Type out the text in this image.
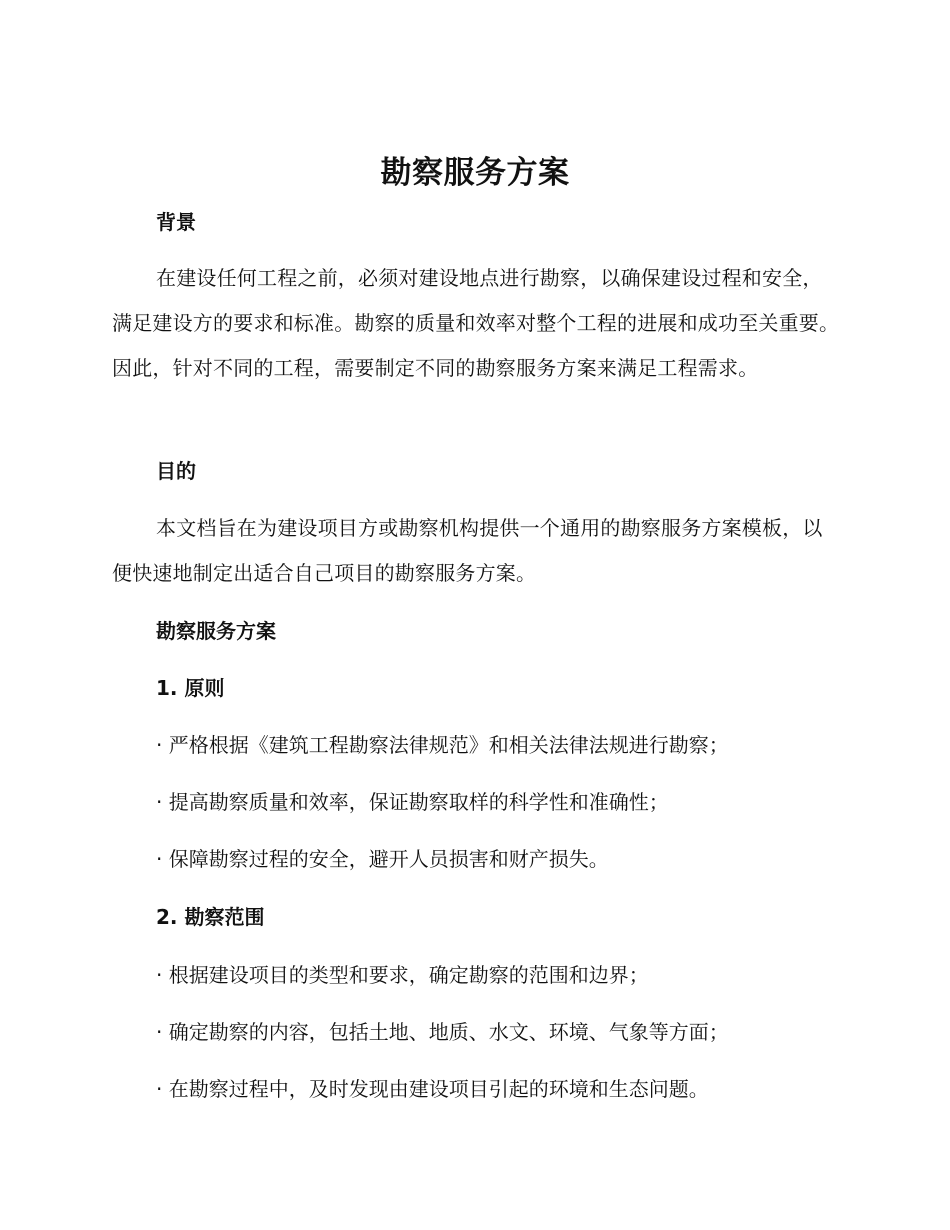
勘察服务方案
背景
在建设任何工程之前，必须对建设地点进行勘察，以确保建设过程和安全，满足建设方的要求和标准。勘察的质量和效率对整个工程的进展和成功至关重要。因此，针对不同的工程，需要制定不同的勘察服务方案来满足工程需求。
目的
本文档旨在为建设项目方或勘察机构提供一个通用的勘察服务方案模板，以便快速地制定出适合自己项目的勘察服务方案。
勘察服务方案
1. 原则
· 严格根据《建筑工程勘察法律规范》和相关法律法规进行勘察；
· 提高勘察质量和效率，保证勘察取样的科学性和准确性；
· 保障勘察过程的安全，避开人员损害和财产损失。
2. 勘察范围
· 根据建设项目的类型和要求，确定勘察的范围和边界；
· 确定勘察的内容，包括土地、地质、水文、环境、气象等方面；
· 在勘察过程中，及时发现由建设项目引起的环境和生态问题。
